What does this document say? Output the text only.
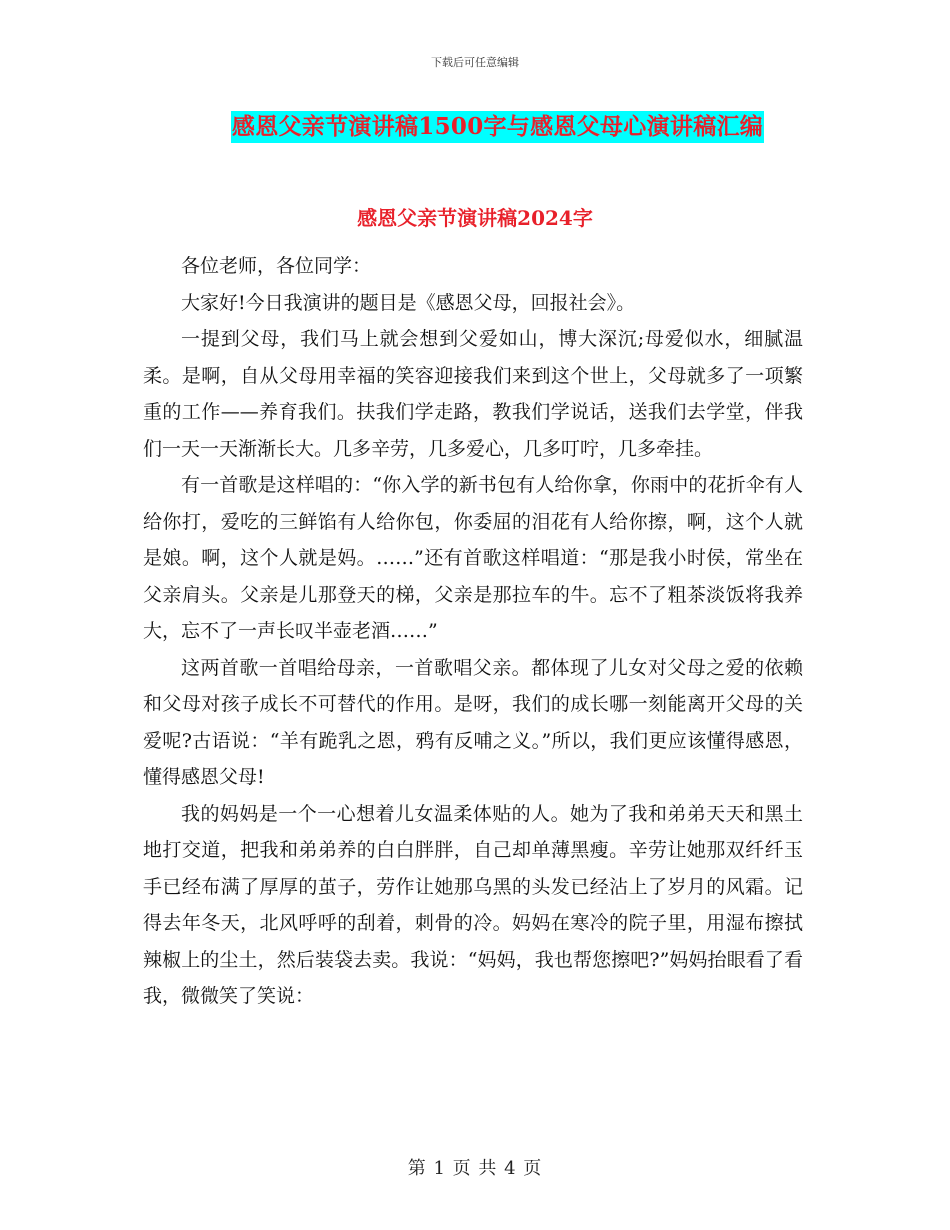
下载后可任意编辑
感恩父亲节演讲稿1500字与感恩父母心演讲稿汇编
感恩父亲节演讲稿2024字

各位老师，各位同学：

大家好!今日我演讲的题目是《感恩父母，回报社会》。

一提到父母，我们马上就会想到父爱如山，博大深沉;母爱似水，细腻温柔。是啊，自从父母用幸福的笑容迎接我们来到这个世上，父母就多了一项繁重的工作——养育我们。扶我们学走路，教我们学说话，送我们去学堂，伴我们一天一天渐渐长大。几多辛劳，几多爱心，几多叮咛，几多牵挂。

有一首歌是这样唱的：“你入学的新书包有人给你拿，你雨中的花折伞有人给你打，爱吃的三鲜馅有人给你包，你委屈的泪花有人给你擦，啊，这个人就是娘。啊，这个人就是妈。……”还有首歌这样唱道：“那是我小时侯，常坐在父亲肩头。父亲是儿那登天的梯，父亲是那拉车的牛。忘不了粗茶淡饭将我养大，忘不了一声长叹半壶老酒……”

这两首歌一首唱给母亲，一首歌唱父亲。都体现了儿女对父母之爱的依赖和父母对孩子成长不可替代的作用。是呀，我们的成长哪一刻能离开父母的关爱呢?古语说：“羊有跪乳之恩，鸦有反哺之义。”所以，我们更应该懂得感恩，懂得感恩父母!

我的妈妈是一个一心想着儿女温柔体贴的人。她为了我和弟弟天天和黑土地打交道，把我和弟弟养的白白胖胖，自己却单薄黑瘦。辛劳让她那双纤纤玉手已经布满了厚厚的茧子，劳作让她那乌黑的头发已经沾上了岁月的风霜。记得去年冬天，北风呼呼的刮着，刺骨的冷。妈妈在寒冷的院子里，用湿布擦拭辣椒上的尘土，然后装袋去卖。我说：“妈妈，我也帮您擦吧?”妈妈抬眼看了看我，微微笑了笑说：

第 1 页 共 4 页
